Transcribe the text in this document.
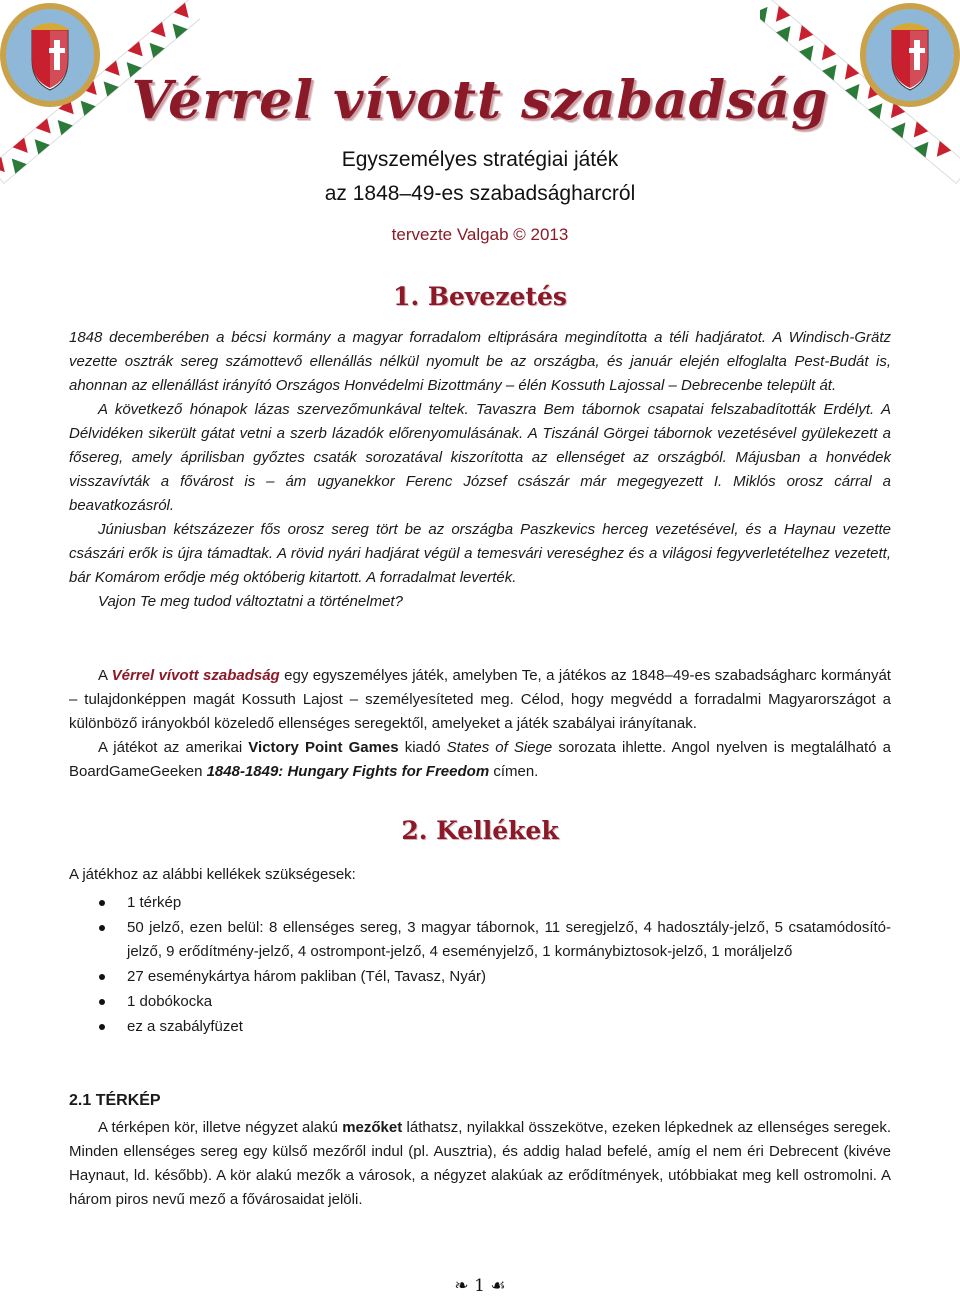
Vérrel vívott szabadság
Egyszemélyes stratégiai játék
az 1848–49-es szabadságharcról
tervezte Valgab © 2013
1. Bevezetés

1848 decemberében a bécsi kormány a magyar forradalom eltiprására megindította a téli hadjáratot. A Windisch-Grätz vezette osztrák sereg számottevő ellenállás nélkül nyomult be az országba, és január elején elfoglalta Pest-Budát is, ahonnan az ellenállást irányító Országos Honvédelmi Bizottmány – élén Kossuth Lajossal – Debrecenbe települt át.

A következő hónapok lázas szervezőmunkával teltek. Tavaszra Bem tábornok csapatai felszabadították Erdélyt. A Délvidéken sikerült gátat vetni a szerb lázadók előrenyomulásának. A Tiszánál Görgei tábornok vezetésével gyülekezett a fősereg, amely áprilisban győztes csaták sorozatával kiszorította az ellenséget az országból. Májusban a honvédek visszavívták a fővárost is – ám ugyanekkor Ferenc József császár már megegyezett I. Miklós orosz cárral a beavatkozásról.

Júniusban kétszázezer fős orosz sereg tört be az országba Paszkevics herceg vezetésével, és a Haynau vezette császári erők is újra támadtak. A rövid nyári hadjárat végül a temesvári vereséghez és a világosi fegyverletételhez vezetett, bár Komárom erődje még októberig kitartott. A forradalmat leverték.

Vajon Te meg tudod változtatni a történelmet?

A Vérrel vívott szabadság egy egyszemélyes játék, amelyben Te, a játékos az 1848–49-es szabadságharc kormányát – tulajdonképpen magát Kossuth Lajost – személyesíteted meg. Célod, hogy megvédd a forradalmi Magyarországot a különböző irányokból közeledő ellenséges seregektől, amelyeket a játék szabályai irányítanak.

A játékot az amerikai Victory Point Games kiadó States of Siege sorozata ihlette. Angol nyelven is megtalálható a BoardGameGeeken 1848-1849: Hungary Fights for Freedom címen.

2. Kellékek

A játékhoz az alábbi kellékek szükségesek:

1 térkép
50 jelző, ezen belül: 8 ellenséges sereg, 3 magyar tábornok, 11 seregjelző, 4 hadosztály-jelző, 5 csatamódosító-jelző, 9 erődítmény-jelző, 4 ostrompont-jelző, 4 eseményjelző, 1 kormánybiztosok-jelző, 1 moráljelző
27 eseménykártya három pakliban (Tél, Tavasz, Nyár)
1 dobókocka
ez a szabályfüzet
2.1 TÉRKÉP

A térképen kör, illetve négyzet alakú mezőket láthatsz, nyilakkal összekötve, ezeken lépkednek az ellenséges seregek. Minden ellenséges sereg egy külső mezőről indul (pl. Ausztria), és addig halad befelé, amíg el nem éri Debrecent (kivéve Haynaut, ld. később). A kör alakú mezők a városok, a négyzet alakúak az erődítmények, utóbbiakat meg kell ostromolni. A három piros nevű mező a fővárosaidat jelöli.

❧ 1 ☙
